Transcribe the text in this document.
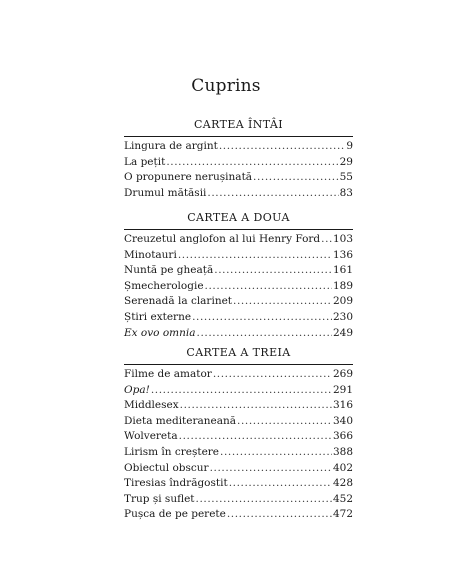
Cuprins
CARTEA ÎNTÂI
Lingura de argint .....	9
La pețit .....	29
O propunere nerușinată .....	55
Drumul mătăsii .....	83
CARTEA A DOUA
Creuzetul anglofon al lui Henry Ford ..... 103
Minotauri .....	136
Nuntă pe gheață .....	161
Șmecherologie .....	189
Serenadă la clarinet .....	209
Știri externe .....	230
Ex ovo omnia .....	249
CARTEA A TREIA
Filme de amator .....	269
Opa! .....	291
Middlesex .....	316
Dieta mediteraneană .....	340
Wolvereta .....	366
Lirism în creștere .....	388
Obiectul obscur .....	402
Tiresias îndrăgostit .....	428
Trup și suflet .....	452
Pușca de pe perete .....	472
